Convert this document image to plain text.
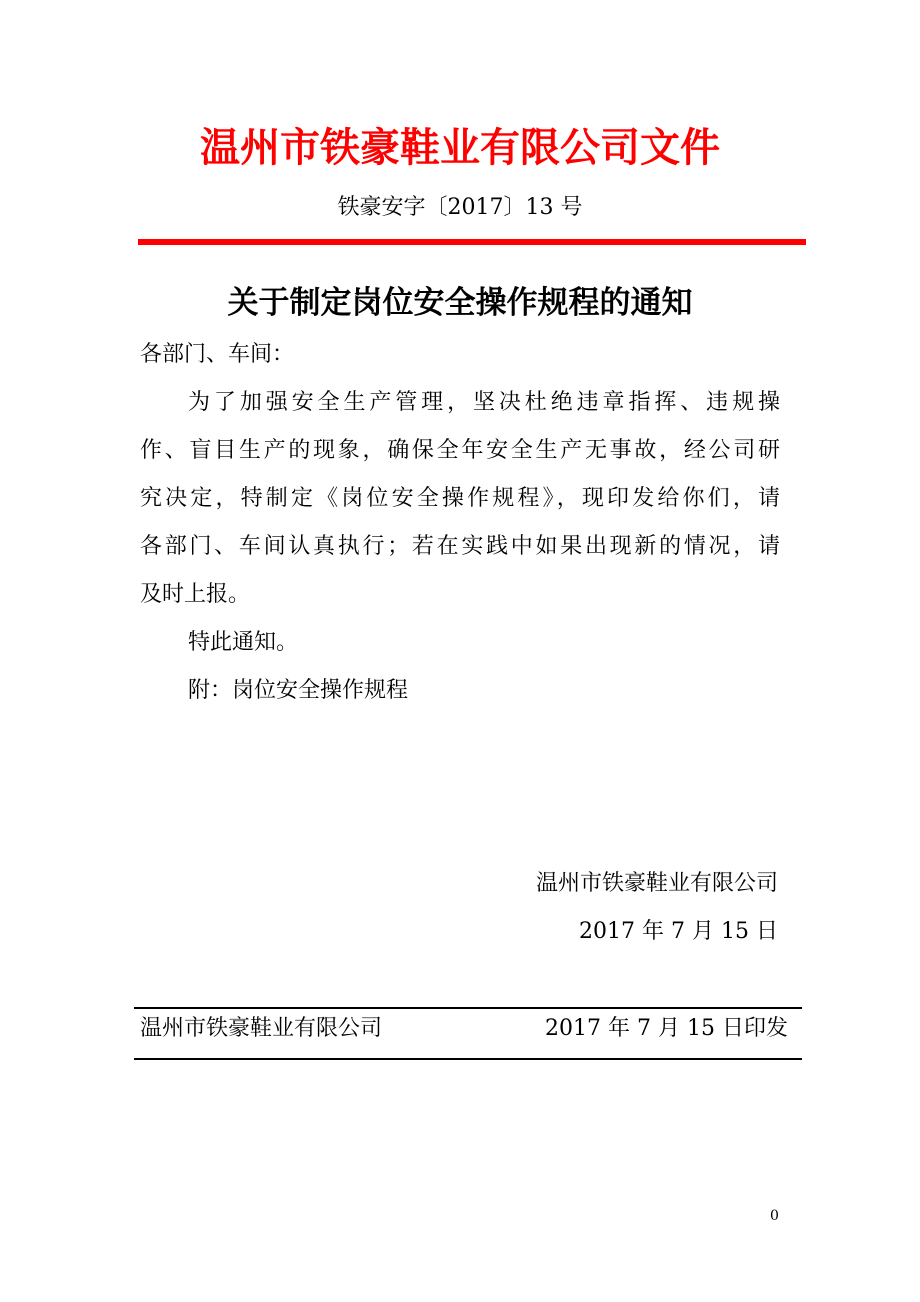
温州市铁豪鞋业有限公司文件
铁豪安字〔2017〕13 号
关于制定岗位安全操作规程的通知
各部门、车间：
为了加强安全生产管理，坚决杜绝违章指挥、违规操
作、盲目生产的现象，确保全年安全生产无事故，经公司研
究决定，特制定《岗位安全操作规程》，现印发给你们，请
各部门、车间认真执行；若在实践中如果出现新的情况，请
及时上报。
特此通知。
附：岗位安全操作规程
温州市铁豪鞋业有限公司
2017 年 7 月 15 日
温州市铁豪鞋业有限公司	2017 年 7 月 15 日印发
0
